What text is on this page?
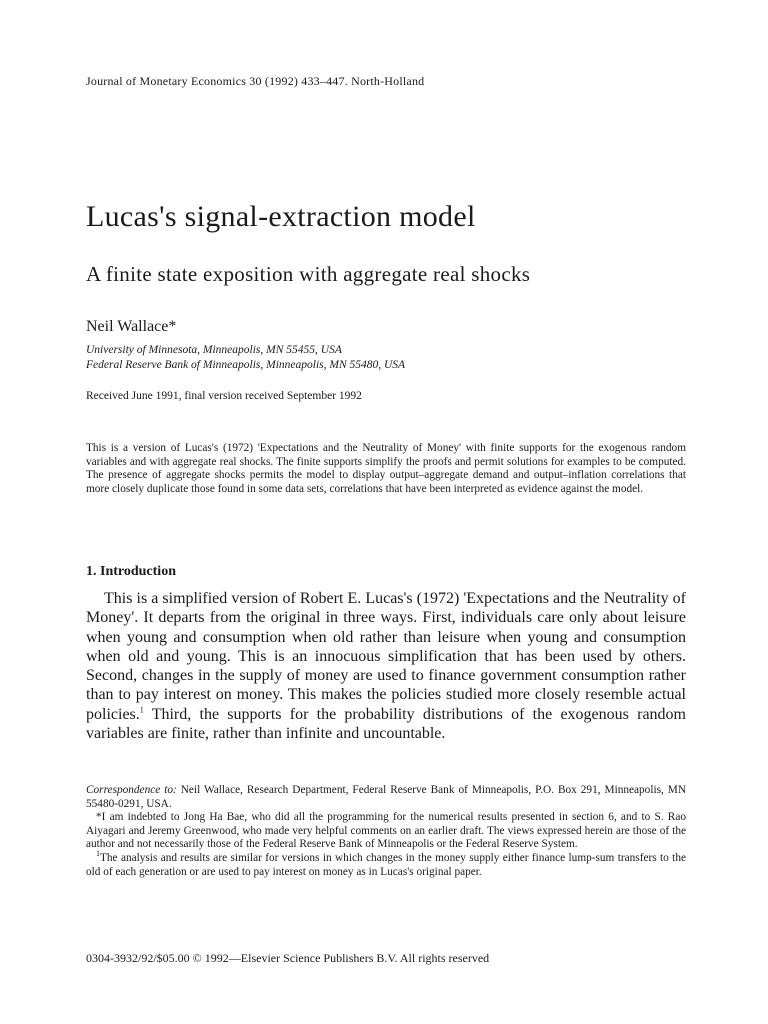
Journal of Monetary Economics 30 (1992) 433–447. North-Holland
Lucas's signal-extraction model
A finite state exposition with aggregate real shocks
Neil Wallace*
University of Minnesota, Minneapolis, MN 55455, USA
Federal Reserve Bank of Minneapolis, Minneapolis, MN 55480, USA
Received June 1991, final version received September 1992

This is a version of Lucas's (1972) 'Expectations and the Neutrality of Money' with finite supports for the exogenous random variables and with aggregate real shocks. The finite supports simplify the proofs and permit solutions for examples to be computed. The presence of aggregate shocks permits the model to display output–aggregate demand and output–inflation correlations that more closely duplicate those found in some data sets, correlations that have been interpreted as evidence against the model.

1. Introduction

This is a simplified version of Robert E. Lucas's (1972) 'Expectations and the Neutrality of Money'. It departs from the original in three ways. First, individuals care only about leisure when young and consumption when old rather than leisure when young and consumption when old and young. This is an innocuous simplification that has been used by others. Second, changes in the supply of money are used to finance government consumption rather than to pay interest on money. This makes the policies studied more closely resemble actual policies.$^1$ Third, the supports for the probability distributions of the exogenous random variables are finite, rather than infinite and uncountable.

Correspondence to: Neil Wallace, Research Department, Federal Reserve Bank of Minneapolis, P.O. Box 291, Minneapolis, MN 55480-0291, USA.

*I am indebted to Jong Ha Bae, who did all the programming for the numerical results presented in section 6, and to S. Rao Aiyagari and Jeremy Greenwood, who made very helpful comments on an earlier draft. The views expressed herein are those of the author and not necessarily those of the Federal Reserve Bank of Minneapolis or the Federal Reserve System.

$^1$The analysis and results are similar for versions in which changes in the money supply either finance lump-sum transfers to the old of each generation or are used to pay interest on money as in Lucas's original paper.

0304-3932/92/$05.00 © 1992—Elsevier Science Publishers B.V. All rights reserved
